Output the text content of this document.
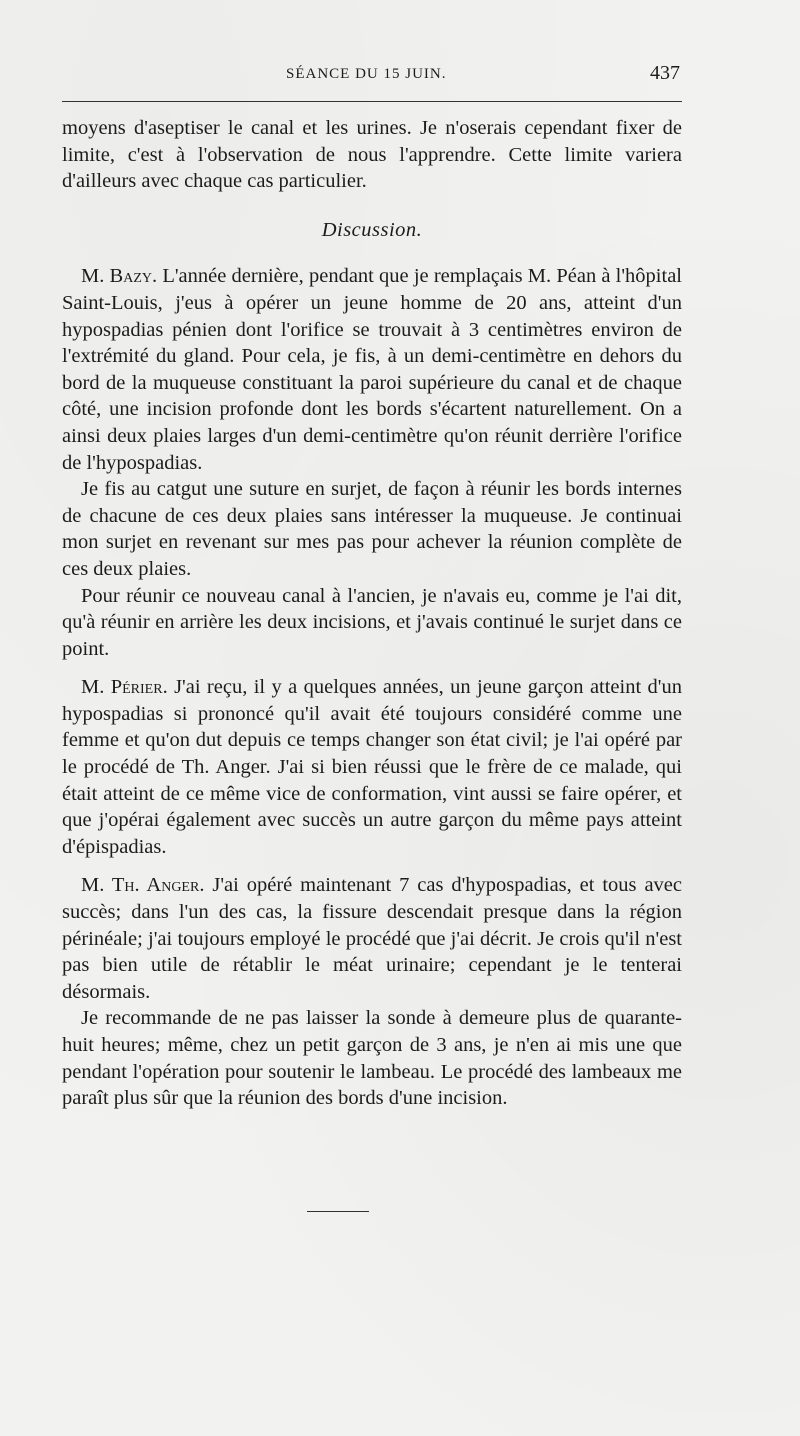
SÉANCE DU 15 JUIN.	437

moyens d'aseptiser le canal et les urines. Je n'oserais cependant fixer de limite, c'est à l'observation de nous l'apprendre. Cette limite variera d'ailleurs avec chaque cas particulier.

Discussion.

M. Bazy. L'année dernière, pendant que je remplaçais M. Péan à l'hôpital Saint-Louis, j'eus à opérer un jeune homme de 20 ans, atteint d'un hypospadias pénien dont l'orifice se trouvait à 3 centimètres environ de l'extrémité du gland. Pour cela, je fis, à un demi-centimètre en dehors du bord de la muqueuse constituant la paroi supérieure du canal et de chaque côté, une incision profonde dont les bords s'écartent naturellement. On a ainsi deux plaies larges d'un demi-centimètre qu'on réunit derrière l'orifice de l'hypospadias.

Je fis au catgut une suture en surjet, de façon à réunir les bords internes de chacune de ces deux plaies sans intéresser la muqueuse. Je continuai mon surjet en revenant sur mes pas pour achever la réunion complète de ces deux plaies.

Pour réunir ce nouveau canal à l'ancien, je n'avais eu, comme je l'ai dit, qu'à réunir en arrière les deux incisions, et j'avais continué le surjet dans ce point.

M. Périer. J'ai reçu, il y a quelques années, un jeune garçon atteint d'un hypospadias si prononcé qu'il avait été toujours considéré comme une femme et qu'on dut depuis ce temps changer son état civil; je l'ai opéré par le procédé de Th. Anger. J'ai si bien réussi que le frère de ce malade, qui était atteint de ce même vice de conformation, vint aussi se faire opérer, et que j'opérai également avec succès un autre garçon du même pays atteint d'épispadias.

M. Th. Anger. J'ai opéré maintenant 7 cas d'hypospadias, et tous avec succès; dans l'un des cas, la fissure descendait presque dans la région périnéale; j'ai toujours employé le procédé que j'ai décrit. Je crois qu'il n'est pas bien utile de rétablir le méat urinaire; cependant je le tenterai désormais.

Je recommande de ne pas laisser la sonde à demeure plus de quarante-huit heures; même, chez un petit garçon de 3 ans, je n'en ai mis une que pendant l'opération pour soutenir le lambeau. Le procédé des lambeaux me paraît plus sûr que la réunion des bords d'une incision.
